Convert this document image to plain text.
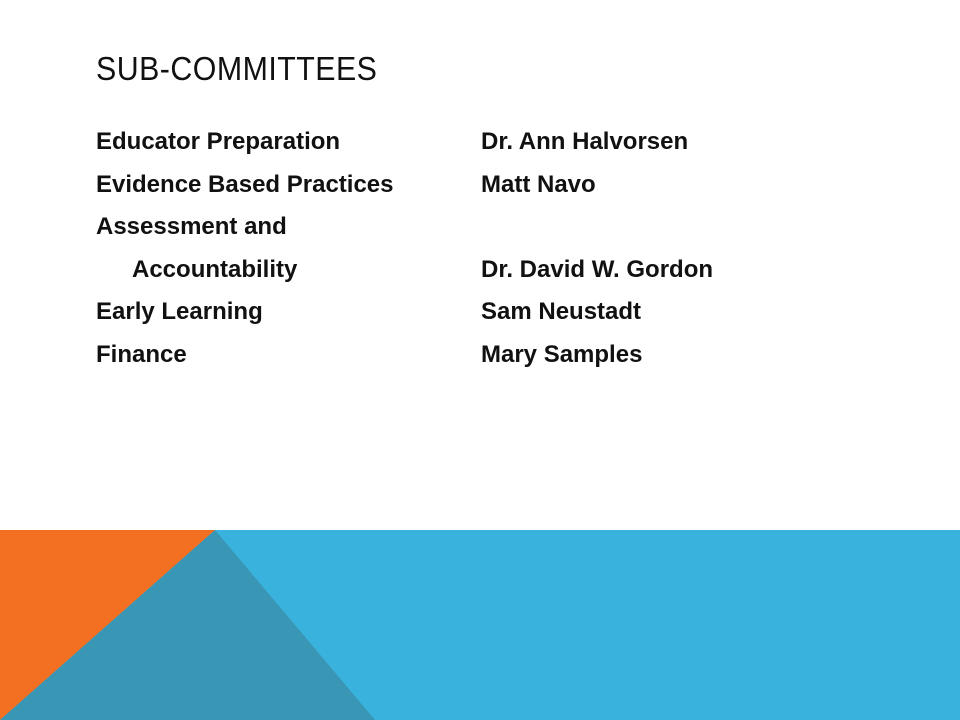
SUB-COMMITTEES
Educator Preparation
Evidence Based Practices
Assessment and
Accountability
Early Learning
Finance
Dr. Ann Halvorsen
Matt Navo
Dr. David W. Gordon
Sam Neustadt
Mary Samples
